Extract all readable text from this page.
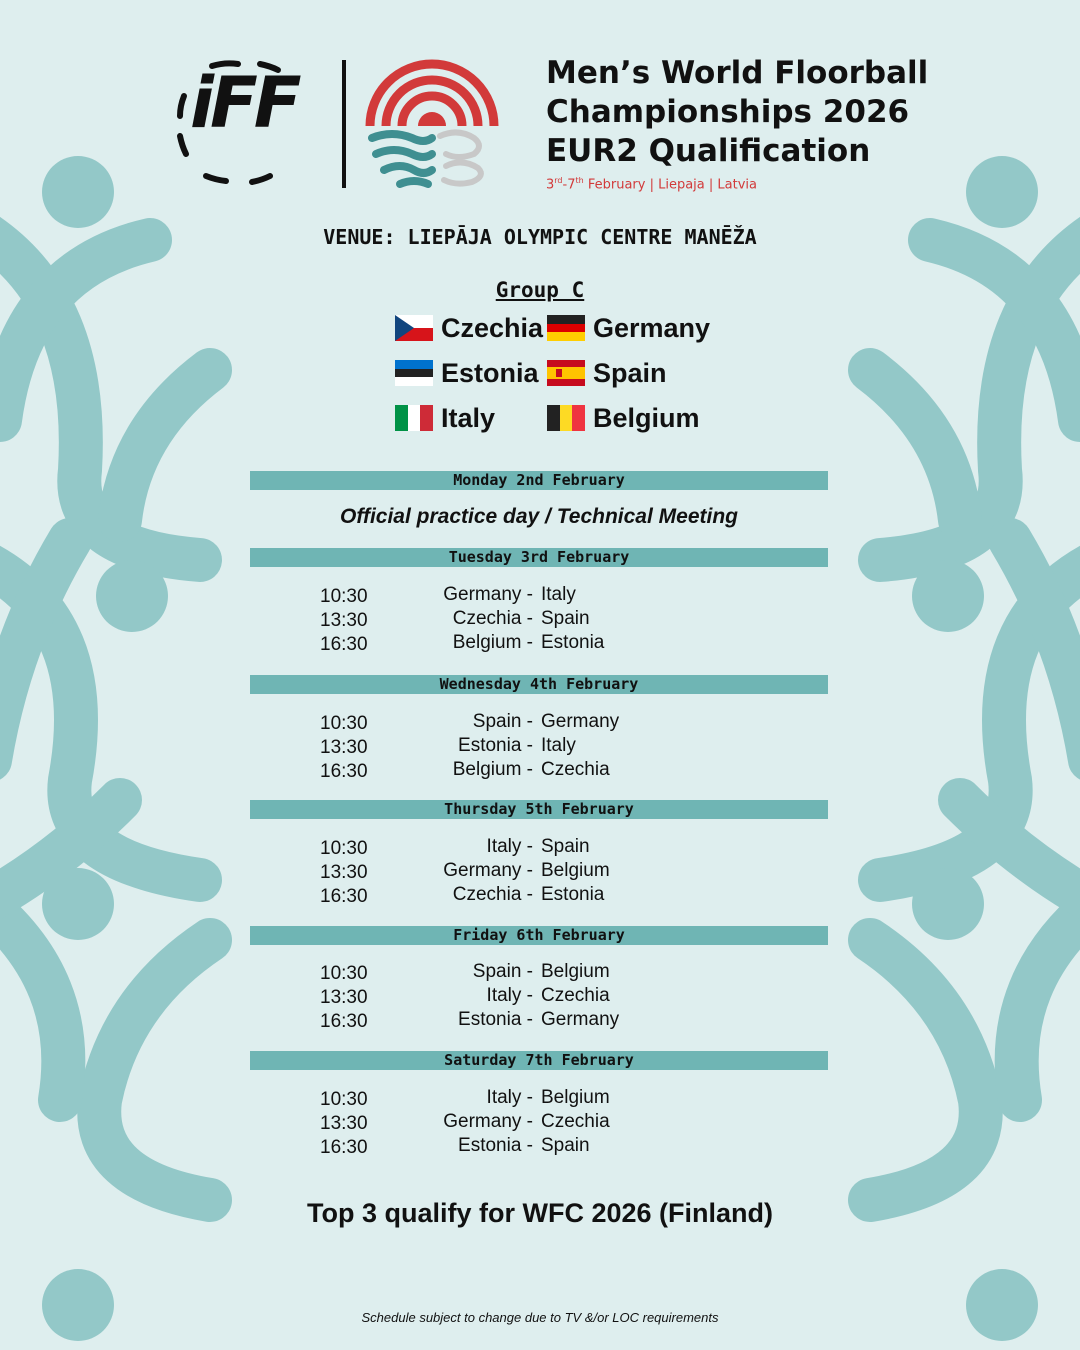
iFF	Men’s World Floorball
Championships 2026
EUR2 Qualification
3rd-7th February | Liepaja | Latvia
VENUE: LIEPĀJA OLYMPIC CENTRE MANĒŽA
Group C
Czechia Germany
Estonia Spain
Italy	Belgium
Monday 2nd February
Official practice day / Technical Meeting
Tuesday 3rd February
10:30	Germany - Italy
13:30	Czechia - Spain
16:30	Belgium - Estonia
Wednesday 4th February
10:30	Spain - Germany
13:30	Estonia - Italy
16:30	Belgium - Czechia
Thursday 5th February
10:30	Italy - Spain
13:30	Germany - Belgium
16:30	Czechia - Estonia
Friday 6th February
10:30	Spain - Belgium
13:30	Italy - Czechia
16:30	Estonia - Germany
Saturday 7th February
10:30	Italy - Belgium
13:30	Germany - Czechia
16:30	Estonia - Spain
Top 3 qualify for WFC 2026 (Finland)
Schedule subject to change due to TV &/or LOC requirements
